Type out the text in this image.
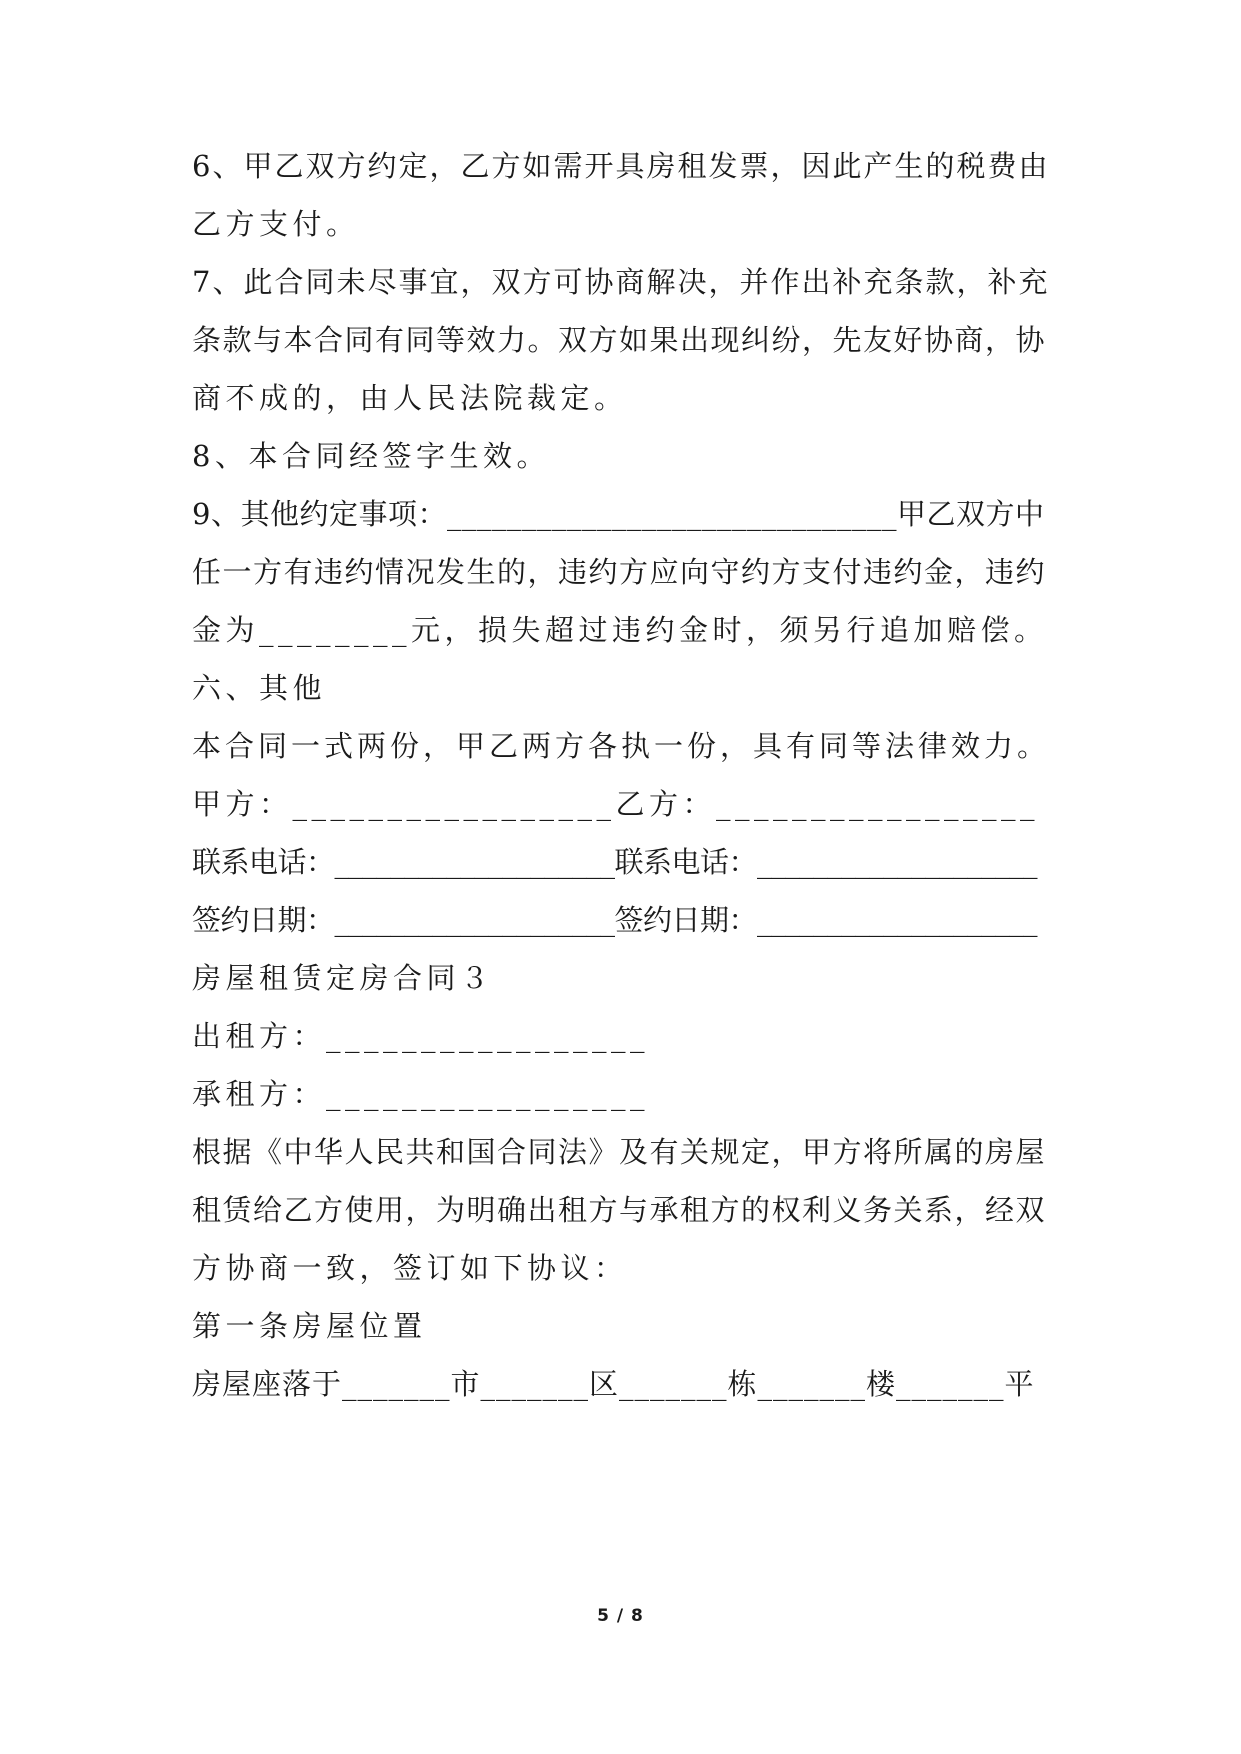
6、甲乙双方约定，乙方如需开具房租发票，因此产生的税费由
乙方支付。
7、此合同未尽事宜，双方可协商解决，并作出补充条款，补充
条款与本合同有同等效力。双方如果出现纠纷，先友好协商，协
商不成的，由人民法院裁定。
8、本合同经签字生效。
9、其他约定事项：______________________________甲乙双方中
任一方有违约情况发生的，违约方应向守约方支付违约金，违约
金为________元，损失超过违约金时，须另行追加赔偿。
六、其他
本合同一式两份，甲乙两方各执一份，具有同等法律效力。
甲方：_________________乙方：_________________
联系电话：____________________联系电话：____________________
签约日期：____________________签约日期：____________________
房屋租赁定房合同３
出租方：_________________
承租方：_________________
根据《中华人民共和国合同法》及有关规定，甲方将所属的房屋
租赁给乙方使用，为明确出租方与承租方的权利义务关系，经双
方协商一致，签订如下协议：
第一条房屋位置
房屋座落于_______市_______区_______栋_______楼_______平
5 / 8
